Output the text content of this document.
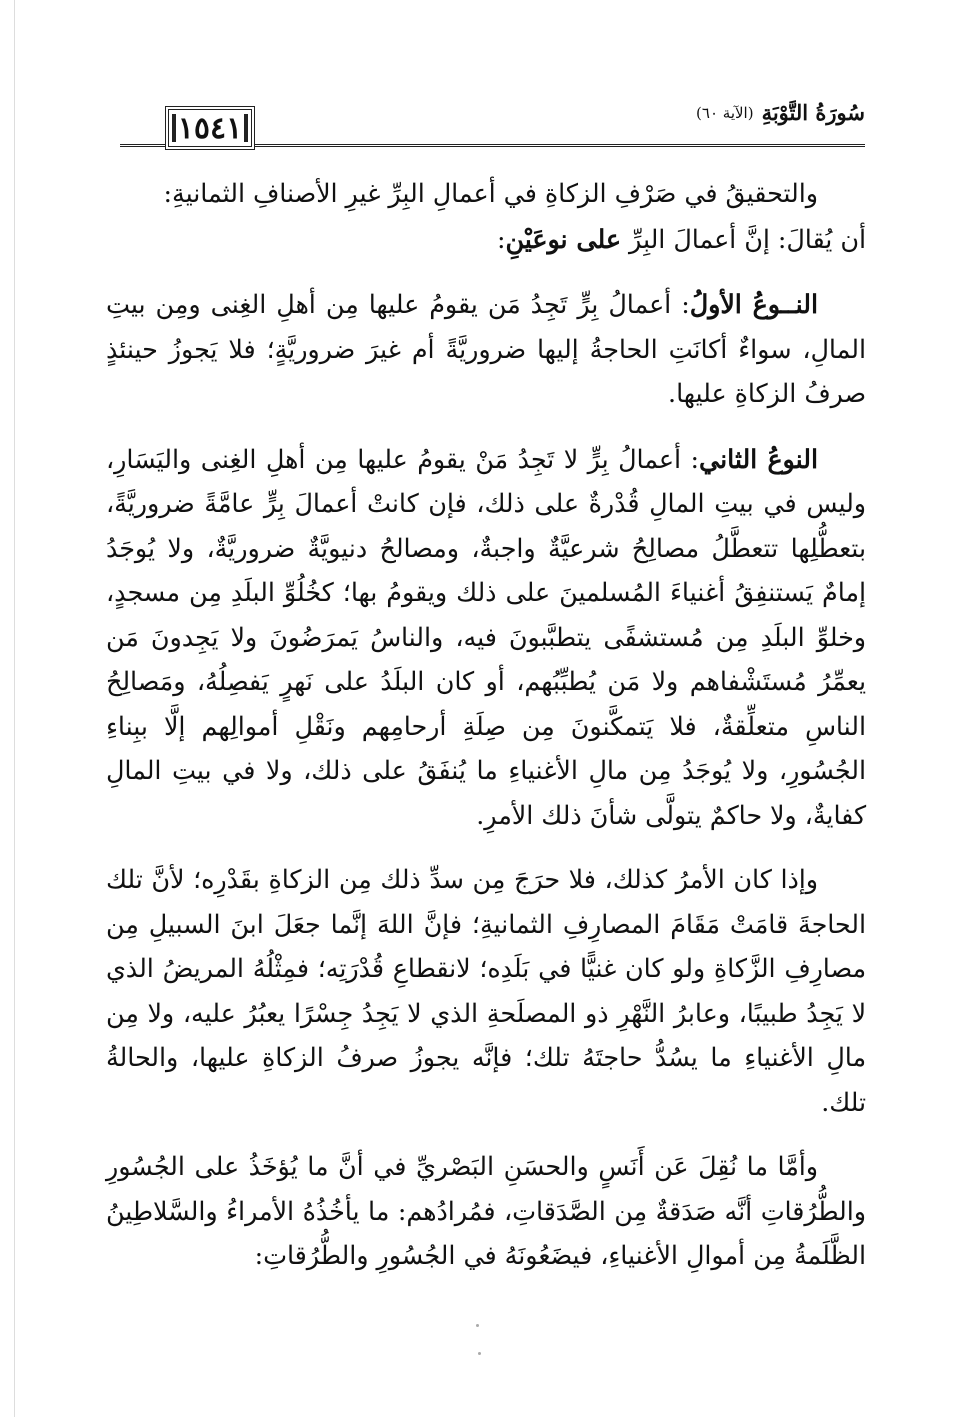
١٥٤١	سُورَةُ التَّوْبَةِ
(الآية ٦٠)

والتحقيقُ في صَرْفِ الزكاةِ في أعمالِ البِرِّ غيرِ الأصنافِ الثمانيةِ:
أن يُقالَ: إنَّ أعمالَ البِرِّ على نوعَيْنِ:

النــوعُ الأولُ: أعمالُ بِرٍّ تَجِدُ مَن يقومُ عليها مِن أهلِ الغِنى ومِن بيتِ المالِ، سواءٌ أكانَتِ الحاجةُ إليها ضروريَّةً أم غيرَ ضروريَّةٍ؛ فلا يَجوزُ حينئذٍ صرفُ الزكاةِ عليها.

النوعُ الثاني: أعمالُ بِرٍّ لا تَجِدُ مَنْ يقومُ عليها مِن أهلِ الغِنى واليَسَارِ، وليس في بيتِ المالِ قُدْرةٌ على ذلك، فإن كانتْ أعمالَ بِرٍّ عامَّةً ضروريَّةً، بتعطُّلِها تتعطَّلُ مصالِحُ شرعيَّةٌ واجبةٌ، ومصالحُ دنيويَّةٌ ضروريَّةٌ، ولا يُوجَدُ إمامٌ يَستنفِقُ أغنياءَ المُسلمينَ على ذلك ويقومُ بها؛ كخُلُوِّ البلَدِ مِن مسجدٍ، وخلوِّ البلَدِ مِن مُستشفًى يتطبَّبونَ فيه، والناسُ يَمرَضُونَ ولا يَجِدونَ مَن يعمِّرُ مُستَشْفاهم ولا مَن يُطبِّبُهم، أو كان البلَدُ على نَهرٍ يَفصِلُهُ، ومَصالِحُ الناسِ متعلِّقةٌ، فلا يَتمكَّنونَ مِن صِلَةِ أرحامِهم ونَقْلِ أموالِهم إلَّا ببِناءِ الجُسُورِ، ولا يُوجَدُ مِن مالِ الأغنياءِ ما يُنفَقُ على ذلك، ولا في بيتِ المالِ كفايةٌ، ولا حاكمٌ يتولَّى شأنَ ذلك الأمرِ.

وإذا كان الأمرُ كذلك، فلا حرَجَ مِن سدِّ ذلك مِن الزكاةِ بقَدْرِه؛ لأنَّ تلك الحاجةَ قامَتْ مَقَامَ المصارِفِ الثمانيةِ؛ فإنَّ اللهَ إنَّما جعَلَ ابنَ السبيلِ مِن مصارِفِ الزَّكاةِ ولو كان غنيًّا في بَلَدِه؛ لانقطاعِ قُدْرَتِه؛ فمِثْلُهُ المريضُ الذي لا يَجِدُ طبيبًا، وعابرُ النَّهْرِ ذو المصلَحةِ الذي لا يَجِدُ جِسْرًا يعبُرُ عليه، ولا مِن مالِ الأغنياءِ ما يسُدُّ حاجتَهُ تلك؛ فإنَّه يجوزُ صرفُ الزكاةِ عليها، والحالةُ تلك.

وأمَّا ما نُقِلَ عَن أَنَسٍ والحسَنِ البَصْريِّ في أنَّ ما يُؤخَذُ على الجُسُورِ والطُّرُقاتِ أنَّه صَدَقةٌ مِن الصَّدَقاتِ، فمُرادُهم: ما يأخُذُهُ الأمراءُ والسَّلاطِينُ الظَّلَمةُ مِن أموالِ الأغنياءِ، فيضَعُونَهُ في الجُسُورِ والطُّرُقاتِ:
